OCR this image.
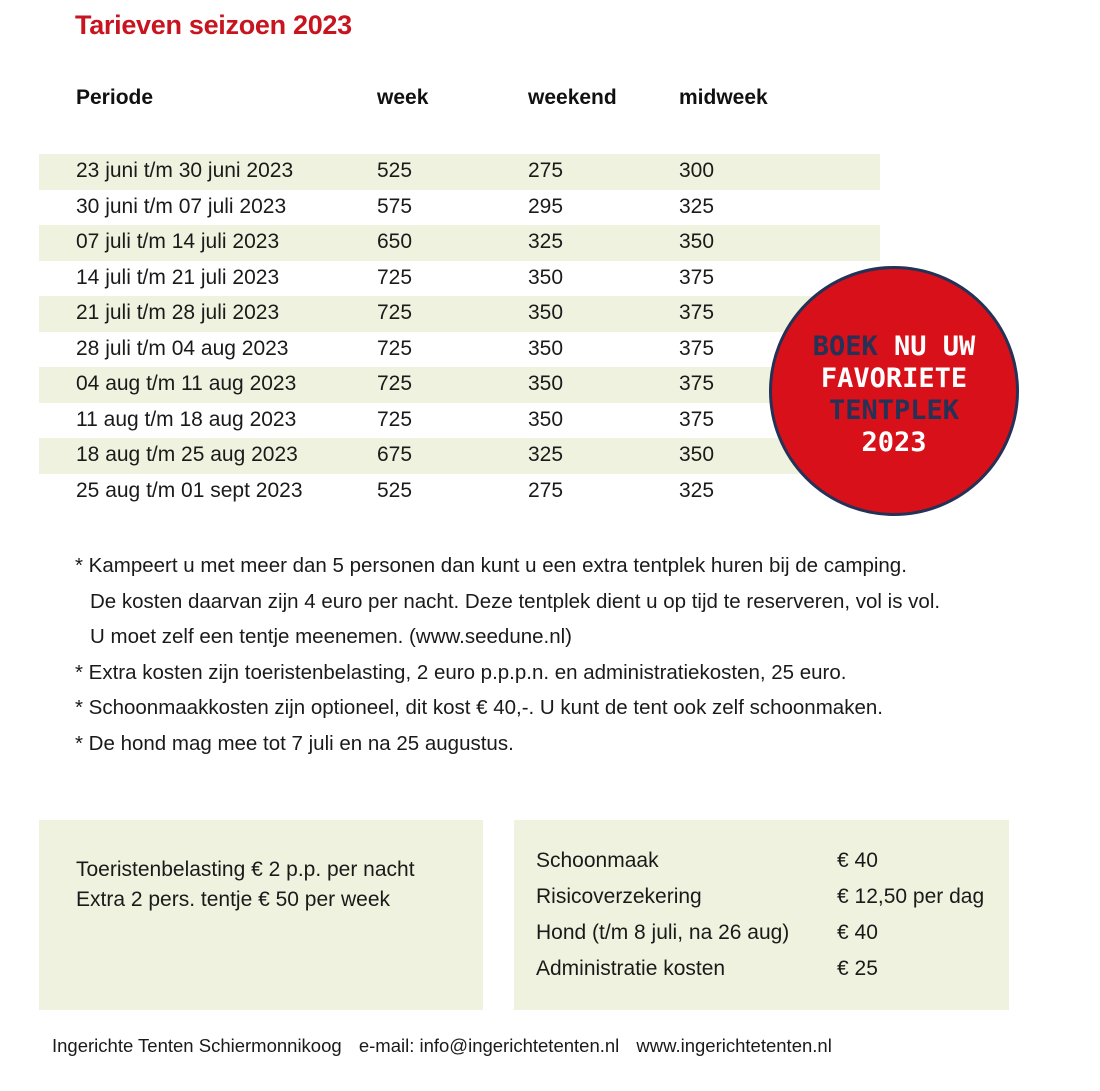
Tarieven seizoen 2023
Periode	week	weekend	midweek
23 juni t/m 30 juni 2023	525	275	300
30 juni t/m 07 juli 2023	575	295	325
07 juli t/m 14 juli 2023	650	325	350
14 juli t/m 21 juli 2023	725	350	375
21 juli t/m 28 juli 2023	725	350	375
28 juli t/m 04 aug 2023	725	350	375
04 aug t/m 11 aug 2023	725	350	375
11 aug t/m 18 aug 2023	725	350	375
18 aug t/m 25 aug 2023	675	325	350
25 aug t/m 01 sept 2023	525	275	325
BOEK NU UW
FAVORIETE
TENTPLEK
2023
* Kampeert u met meer dan 5 personen dan kunt u een extra tentplek huren bij de camping.
De kosten daarvan zijn 4 euro per nacht. Deze tentplek dient u op tijd te reserveren, vol is vol.
U moet zelf een tentje meenemen. (www.seedune.nl)
* Extra kosten zijn toeristenbelasting, 2 euro p.p.p.n. en administratiekosten, 25 euro.
* Schoonmaakkosten zijn optioneel, dit kost € 40,-. U kunt de tent ook zelf schoonmaken.
* De hond mag mee tot 7 juli en na 25 augustus.
Toeristenbelasting € 2 p.p. per nacht
Extra 2 pers. tentje € 50 per week
Schoonmaak	€ 40
Risicoverzekering	€ 12,50 per dag
Hond (t/m 8 juli, na 26 aug) € 40
Administratie kosten	€ 25
Ingerichte Tenten Schiermonnikoog e-mail: info@ingerichtetenten.nl www.ingerichtetenten.nl
